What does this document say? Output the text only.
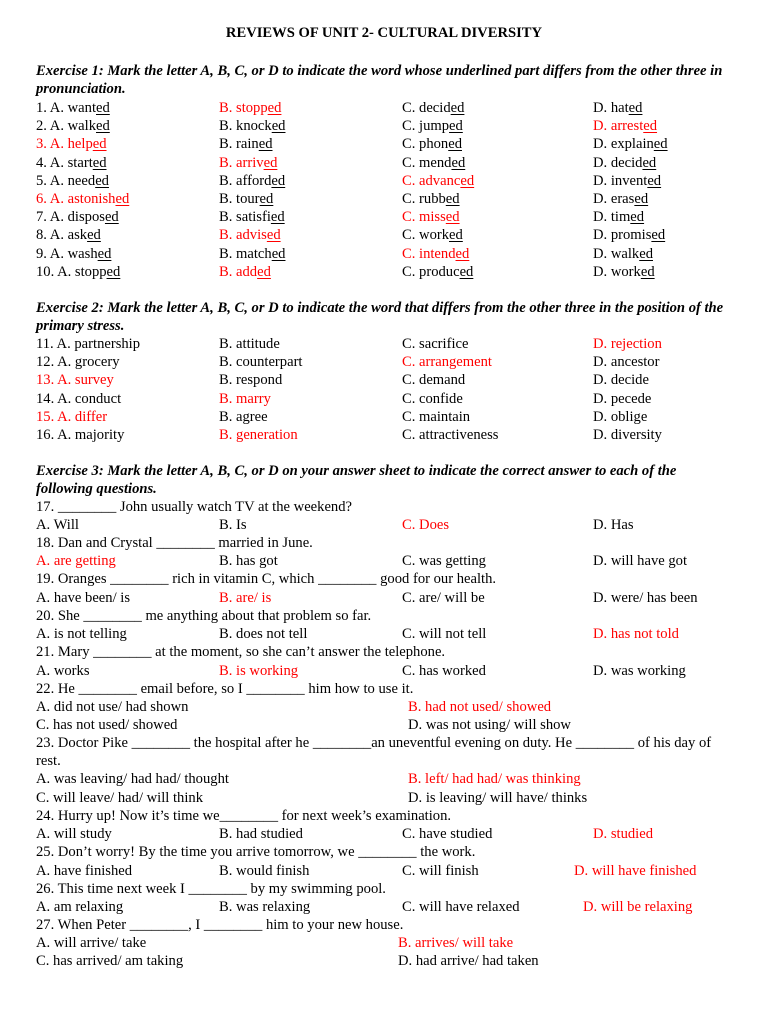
REVIEWS OF UNIT 2- CULTURAL DIVERSITY
Exercise 1: Mark the letter A, B, C, or D to indicate the word whose underlined part differs from the other three in pronunciation.
1. A. wanted	B. stopped	C. decided	D. hated
2. A. walked	B. knocked	C. jumped	D. arrested
3. A. helped	B. rained	C. phoned	D. explained
4. A. started	B. arrived	C. mended	D. decided
5. A. needed	B. afforded	C. advanced	D. invented
6. A. astonished	B. toured	C. rubbed	D. erased
7. A. disposed	B. satisfied	C. missed	D. timed
8. A. asked	B. advised	C. worked	D. promised
9. A. washed	B. matched	C. intended	D. walked
10. A. stopped	B. added	C. produced	D. worked
Exercise 2: Mark the letter A, B, C, or D to indicate the word that differs from the other three in the position of the primary stress.
11. A. partnership	B. attitude	C. sacrifice	D. rejection
12. A. grocery	B. counterpart	C. arrangement	D. ancestor
13. A. survey	B. respond	C. demand	D. decide
14. A. conduct	B. marry	C. confide	D. pecede
15. A. differ	B. agree	C. maintain	D. oblige
16. A. majority	B. generation	C. attractiveness	D. diversity
Exercise 3: Mark the letter A, B, C, or D on your answer sheet to indicate the correct answer to each of the following questions.
17. ________ John usually watch TV at the weekend?
A. Will	B. Is	C. Does	D. Has
18. Dan and Crystal ________ married in June.
A. are getting	B. has got	C. was getting	D. will have got
19. Oranges ________ rich in vitamin C, which ________ good for our health.
A. have been/ is	B. are/ is	C. are/ will be	D. were/ has been
20. She ________ me anything about that problem so far.
A. is not telling	B. does not tell	C. will not tell	D. has not told
21. Mary ________ at the moment, so she can’t answer the telephone.
A. works	B. is working	C. has worked	D. was working
22. He ________ email before, so I ________ him how to use it.
A. did not use/ had shown	B. had not used/ showed
C. has not used/ showed	D. was not using/ will show
23. Doctor Pike ________ the hospital after he ________an uneventful evening on duty. He ________ of his day of rest.
A. was leaving/ had had/ thought	B. left/ had had/ was thinking
C. will leave/ had/ will think	D. is leaving/ will have/ thinks
24. Hurry up! Now it’s time we________ for next week’s examination.
A. will study	B. had studied	C. have studied	D. studied
25. Don’t worry! By the time you arrive tomorrow, we ________ the work.
A. have finished	B. would finish	C. will finish	D. will have finished
26. This time next week I ________ by my swimming pool.
A. am relaxing	B. was relaxing	C. will have relaxed	D. will be relaxing
27. When Peter ________, I ________ him to your new house.
A. will arrive/ take	B. arrives/ will take
C. has arrived/ am taking	D. had arrive/ had taken
